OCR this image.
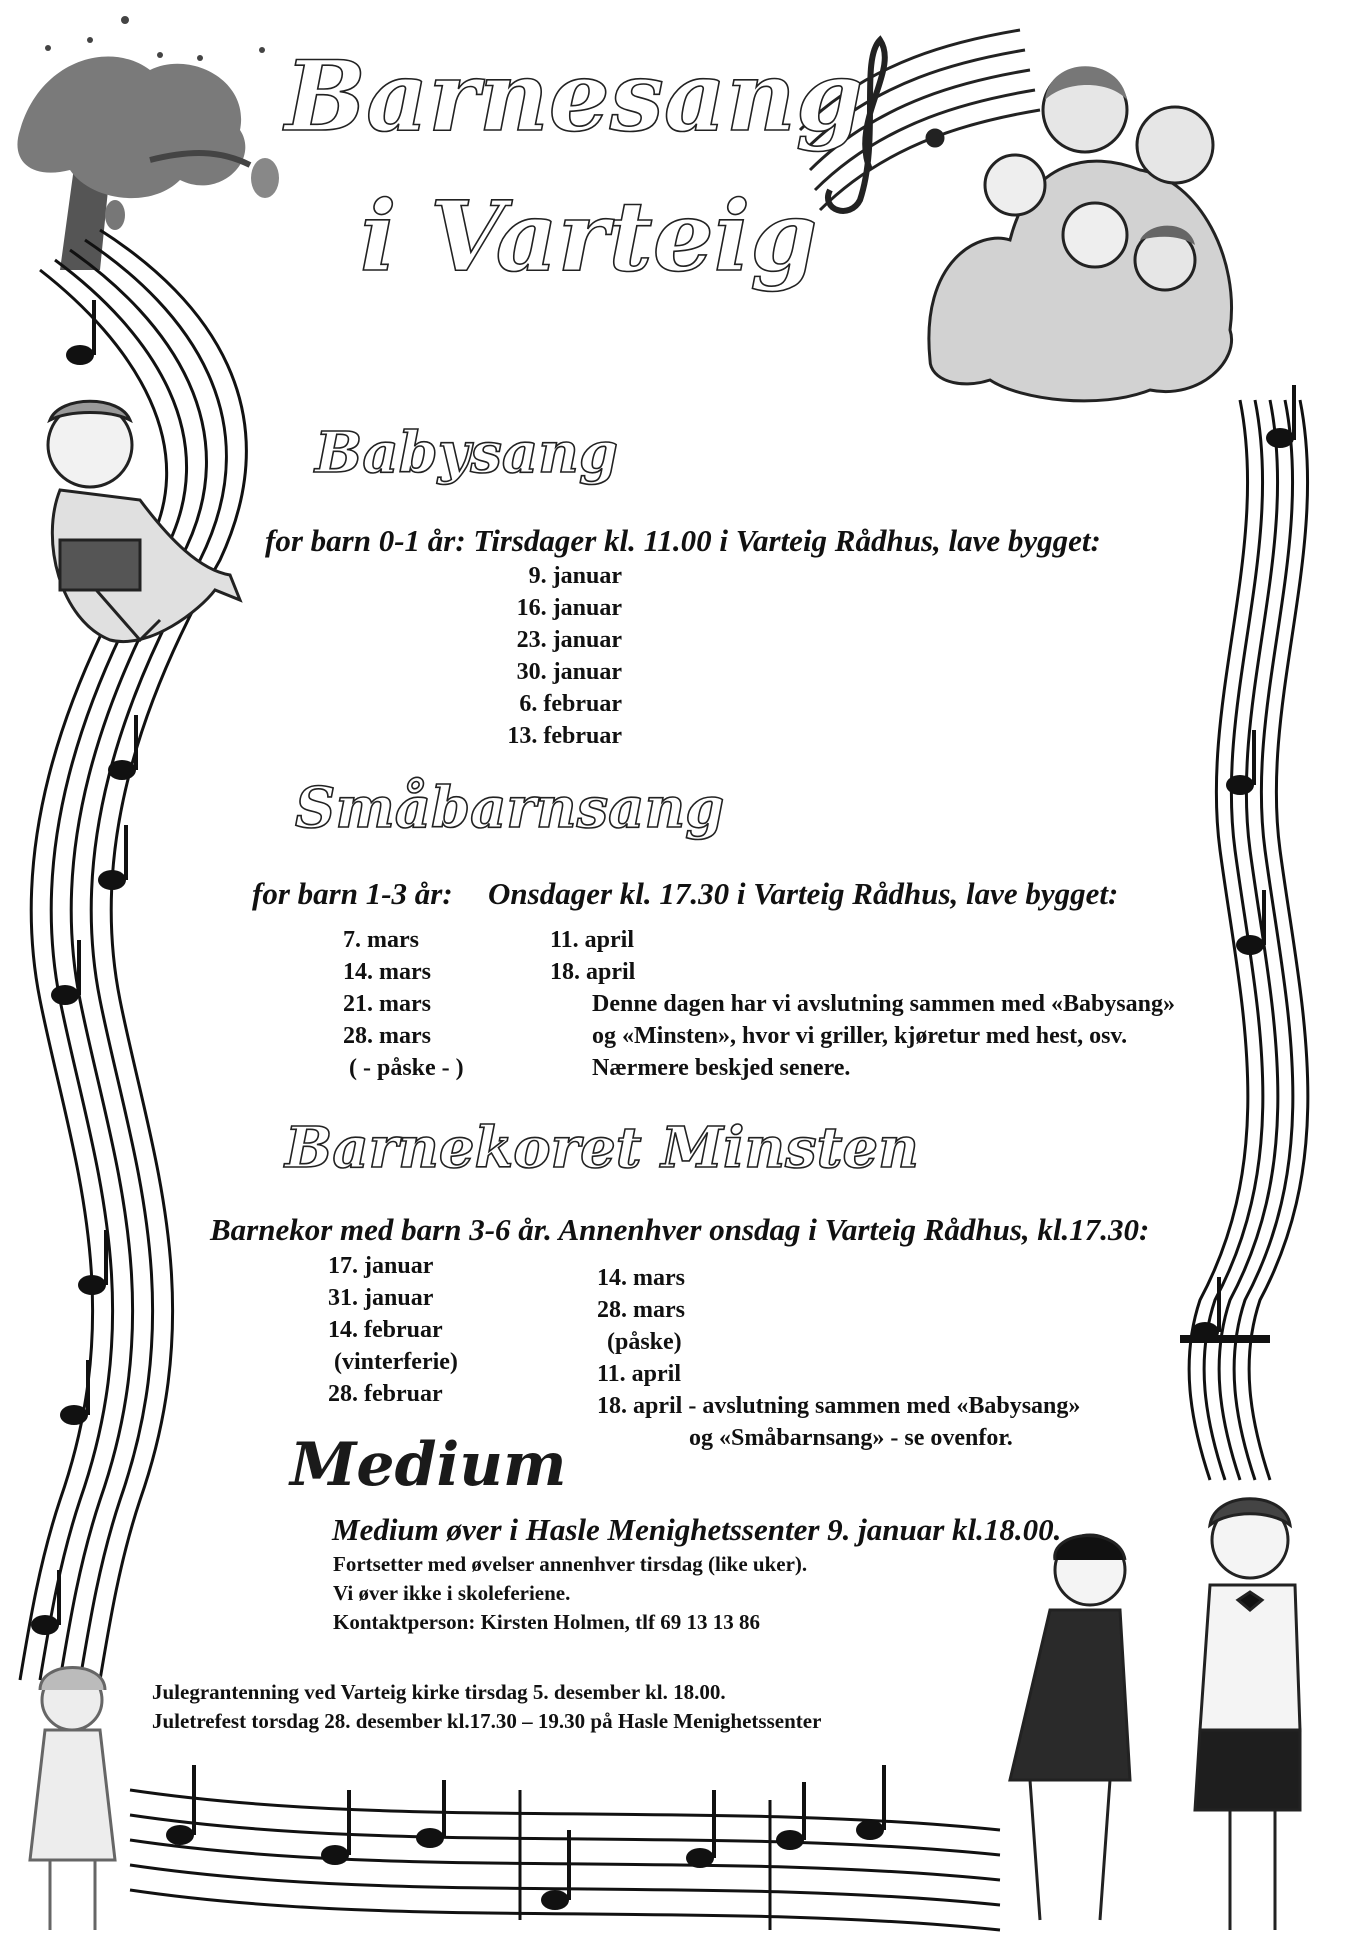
Barnesang
i Varteig
Babysang
for barn 0-1 år: Tirsdager kl. 11.00 i Varteig Rådhus, lave bygget:
9. januar
16. januar
23. januar
30. januar
6. februar
13. februar
Småbarnsang
for barn 1-3 år: Onsdager kl. 17.30 i Varteig Rådhus, lave bygget:
7. mars
14. mars
21. mars
28. mars
( - påske - )
11. april
18. april
Denne dagen har vi avslutning sammen med «Babysang» og «Minsten», hvor vi griller, kjøretur med hest, osv. Nærmere beskjed senere.
Barnekoret Minsten
Barnekor med barn 3-6 år. Annenhver onsdag i Varteig Rådhus, kl.17.30:
17. januar
31. januar
14. februar
(vinterferie)
28. februar
14. mars
28. mars
(påske)
11. april
18. april - avslutning sammen med «Babysang»
og «Småbarnsang» - se ovenfor.
Medium
Medium øver i Hasle Menighetssenter 9. januar kl.18.00.
Fortsetter med øvelser annenhver tirsdag (like uker).
Vi øver ikke i skoleferiene.
Kontaktperson: Kirsten Holmen, tlf 69 13 13 86
Julegrantenning ved Varteig kirke tirsdag 5. desember kl. 18.00.
Juletrefest torsdag 28. desember kl.17.30 – 19.30 på Hasle Menighetssenter
